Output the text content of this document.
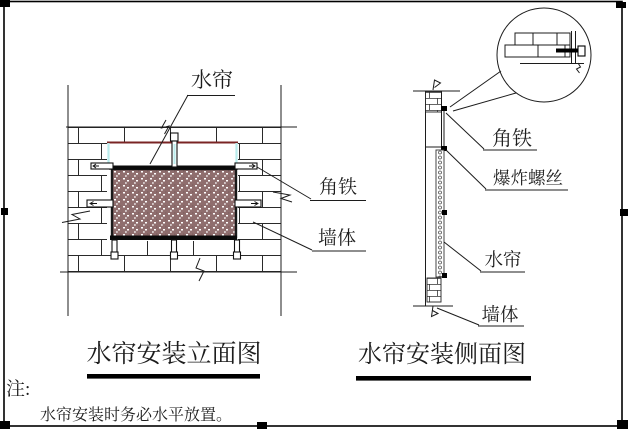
水帘
角铁
墙体
水帘安装立面图
角铁
爆炸螺丝
水帘
墙体
水帘安装侧面图
注:
水帘安装时务必水平放置。
